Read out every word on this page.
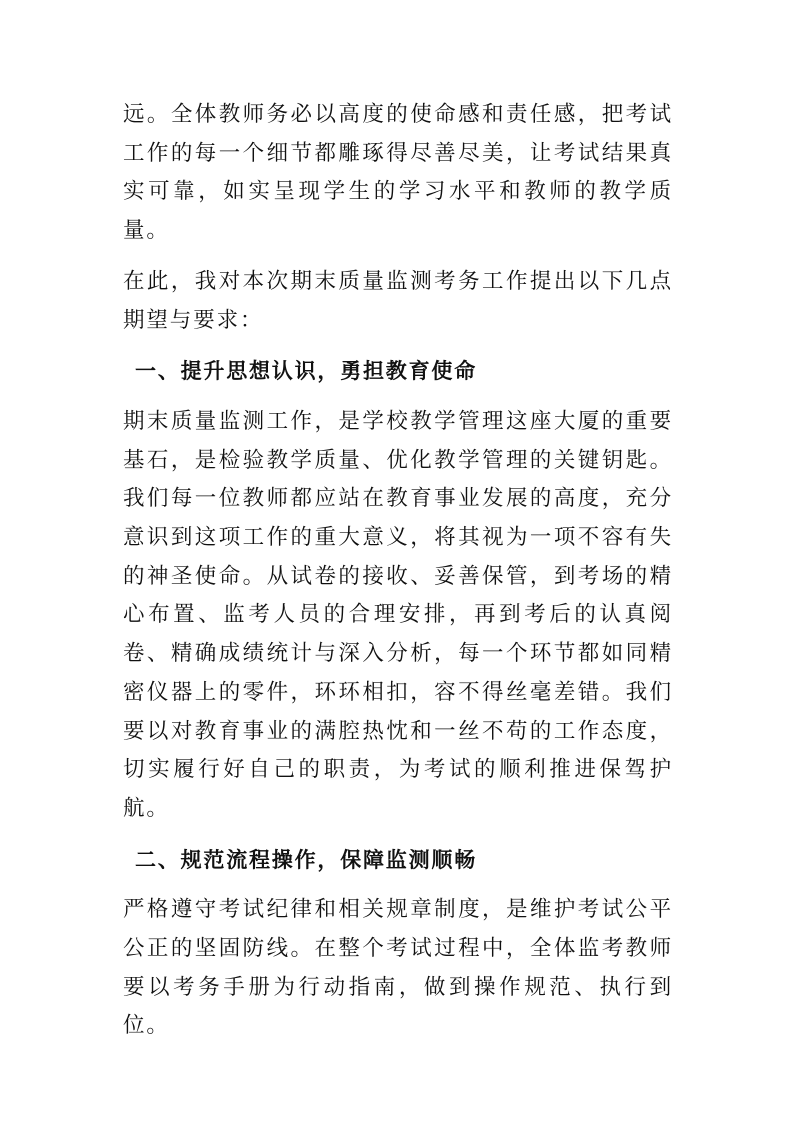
远。全体教师务必以高度的使命感和责任感，把考试工作的每一个细节都雕琢得尽善尽美，让考试结果真实可靠，如实呈现学生的学习水平和教师的教学质量。

在此，我对本次期末质量监测考务工作提出以下几点期望与要求：

一、提升思想认识，勇担教育使命

期末质量监测工作，是学校教学管理这座大厦的重要基石，是检验教学质量、优化教学管理的关键钥匙。我们每一位教师都应站在教育事业发展的高度，充分意识到这项工作的重大意义，将其视为一项不容有失的神圣使命。从试卷的接收、妥善保管，到考场的精心布置、监考人员的合理安排，再到考后的认真阅卷、精确成绩统计与深入分析，每一个环节都如同精密仪器上的零件，环环相扣，容不得丝毫差错。我们要以对教育事业的满腔热忱和一丝不苟的工作态度，切实履行好自己的职责，为考试的顺利推进保驾护航。

二、规范流程操作，保障监测顺畅

严格遵守考试纪律和相关规章制度，是维护考试公平公正的坚固防线。在整个考试过程中，全体监考教师要以考务手册为行动指南，做到操作规范、执行到位。
